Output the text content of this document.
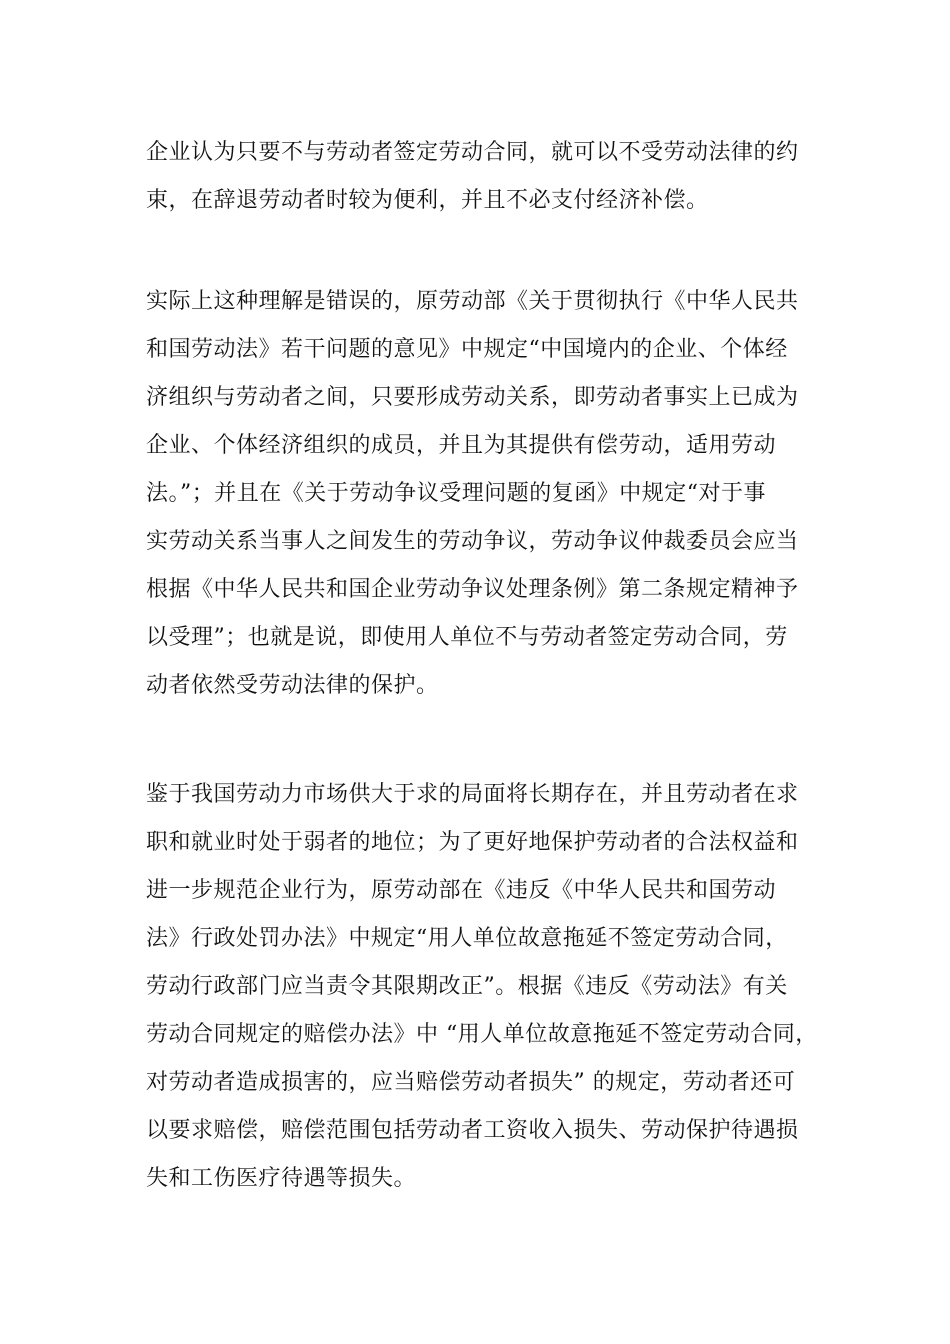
企业认为只要不与劳动者签定劳动合同，就可以不受劳动法律的约
束，在辞退劳动者时较为便利，并且不必支付经济补偿。
实际上这种理解是错误的，原劳动部《关于贯彻执行《中华人民共
和国劳动法》若干问题的意见》中规定“中国境内的企业、个体经
济组织与劳动者之间，只要形成劳动关系，即劳动者事实上已成为
企业、个体经济组织的成员，并且为其提供有偿劳动，适用劳动
法。”；并且在《关于劳动争议受理问题的复函》中规定“对于事
实劳动关系当事人之间发生的劳动争议，劳动争议仲裁委员会应当
根据《中华人民共和国企业劳动争议处理条例》第二条规定精神予
以受理”；也就是说，即使用人单位不与劳动者签定劳动合同，劳
动者依然受劳动法律的保护。
鉴于我国劳动力市场供大于求的局面将长期存在，并且劳动者在求
职和就业时处于弱者的地位；为了更好地保护劳动者的合法权益和
进一步规范企业行为，原劳动部在《违反《中华人民共和国劳动
法》行政处罚办法》中规定“用人单位故意拖延不签定劳动合同，
劳动行政部门应当责令其限期改正”。根据《违反《劳动法》有关
劳动合同规定的赔偿办法》中 “用人单位故意拖延不签定劳动合同，
对劳动者造成损害的，应当赔偿劳动者损失” 的规定，劳动者还可
以要求赔偿，赔偿范围包括劳动者工资收入损失、劳动保护待遇损
失和工伤医疗待遇等损失。
